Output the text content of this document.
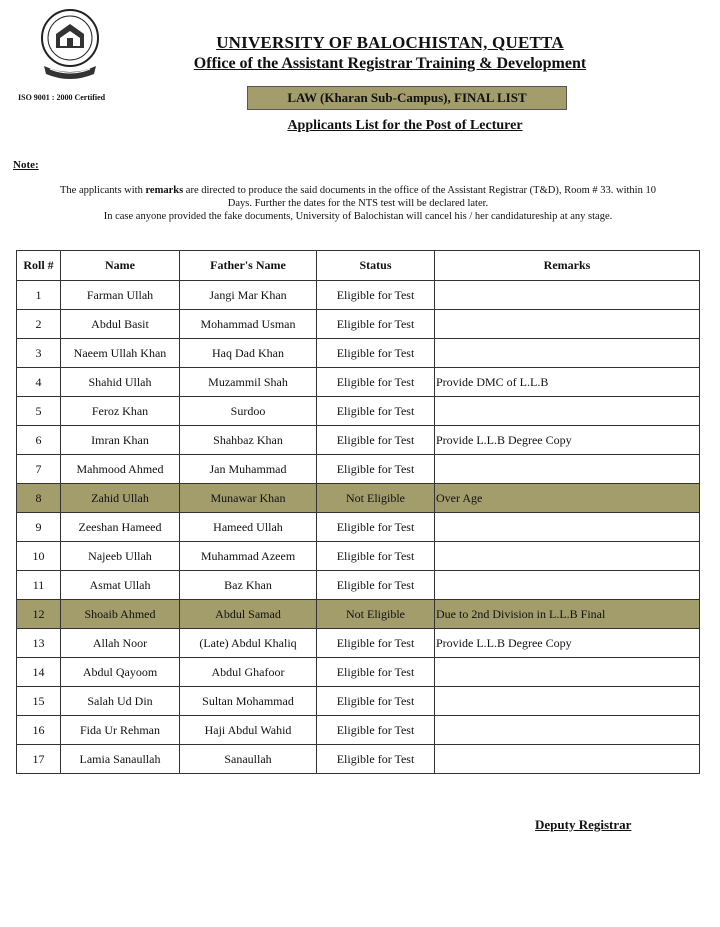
ISO 9001 : 2000 Certified
UNIVERSITY OF BALOCHISTAN, QUETTA
Office of the Assistant Registrar Training & Development
LAW (Kharan Sub-Campus), FINAL LIST
Applicants List for the Post of Lecturer
Note:
The applicants with remarks are directed to produce the said documents in the office of the Assistant Registrar (T&D), Room # 33. within 10
Days. Further the dates for the NTS test will be declared later.
In case anyone provided the fake documents, University of Balochistan will cancel his / her candidatureship at any stage.
Roll #	Name	Father's Name	Status	Remarks
1	Farman Ullah	Jangi Mar Khan	Eligible for Test	
2	Abdul Basit	Mohammad Usman	Eligible for Test	
3	Naeem Ullah Khan	Haq Dad Khan	Eligible for Test	
4	Shahid Ullah	Muzammil Shah	Eligible for Test	Provide DMC of L.L.B
5	Feroz Khan	Surdoo	Eligible for Test	
6	Imran Khan	Shahbaz Khan	Eligible for Test	Provide L.L.B Degree Copy
7	Mahmood Ahmed	Jan Muhammad	Eligible for Test	
8	Zahid Ullah	Munawar Khan	Not Eligible	Over Age
9	Zeeshan Hameed	Hameed Ullah	Eligible for Test	
10	Najeeb Ullah	Muhammad Azeem	Eligible for Test	
11	Asmat Ullah	Baz Khan	Eligible for Test	
12	Shoaib Ahmed	Abdul Samad	Not Eligible	Due to 2nd Division in L.L.B Final
13	Allah Noor	(Late) Abdul Khaliq	Eligible for Test	Provide L.L.B Degree Copy
14	Abdul Qayoom	Abdul Ghafoor	Eligible for Test	
15	Salah Ud Din	Sultan Mohammad	Eligible for Test	
16	Fida Ur Rehman	Haji Abdul Wahid	Eligible for Test	
17	Lamia Sanaullah	Sanaullah	Eligible for Test	
Deputy Registrar
